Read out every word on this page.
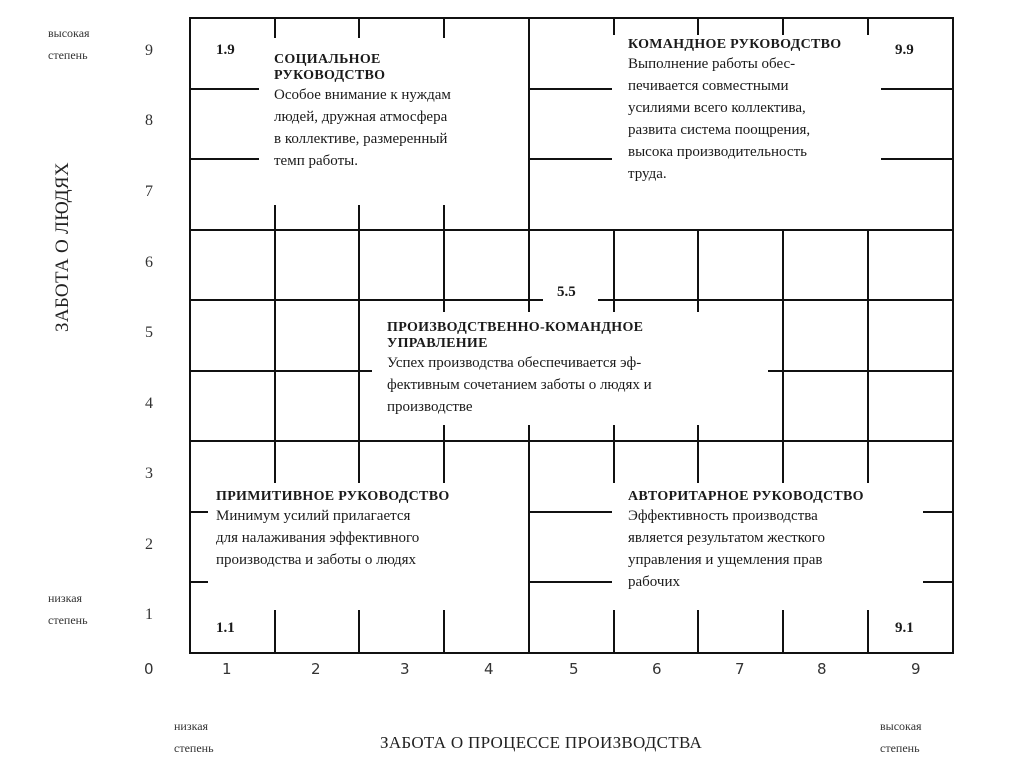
высокая
степень
низкая
степень
ЗАБОТА О ЛЮДЯХ
9
8
7
6
5
4
3
2
1
0	1	2	3	4	5	6	7	8	9
низкая
степень	ЗАБОТА О ПРОЦЕССЕ ПРОИЗВОДСТВА
высокая
степень
1.9	9.9
5.5
1.1	9.1
СОЦИАЛЬНОЕ
РУКОВОДСТВО
Особое внимание к нуждам
людей, дружная атмосфера
в коллективе, размеренный
темп работы.
КОМАНДНОЕ РУКОВОДСТВО
Выполнение работы обес-
печивается совместными
усилиями всего коллектива,
развита система поощрения,
высока производительность
труда.
ПРОИЗВОДСТВЕННО-КОМАНДНОЕ
УПРАВЛЕНИЕ
Успех производства обеспечивается эф-
фективным сочетанием заботы о людях и
производстве
ПРИМИТИВНОЕ РУКОВОДСТВО
Минимум усилий прилагается
для налаживания эффективного
производства и заботы о людях
АВТОРИТАРНОЕ РУКОВОДСТВО
Эффективность производства
является результатом жесткого
управления и ущемления прав
рабочих
